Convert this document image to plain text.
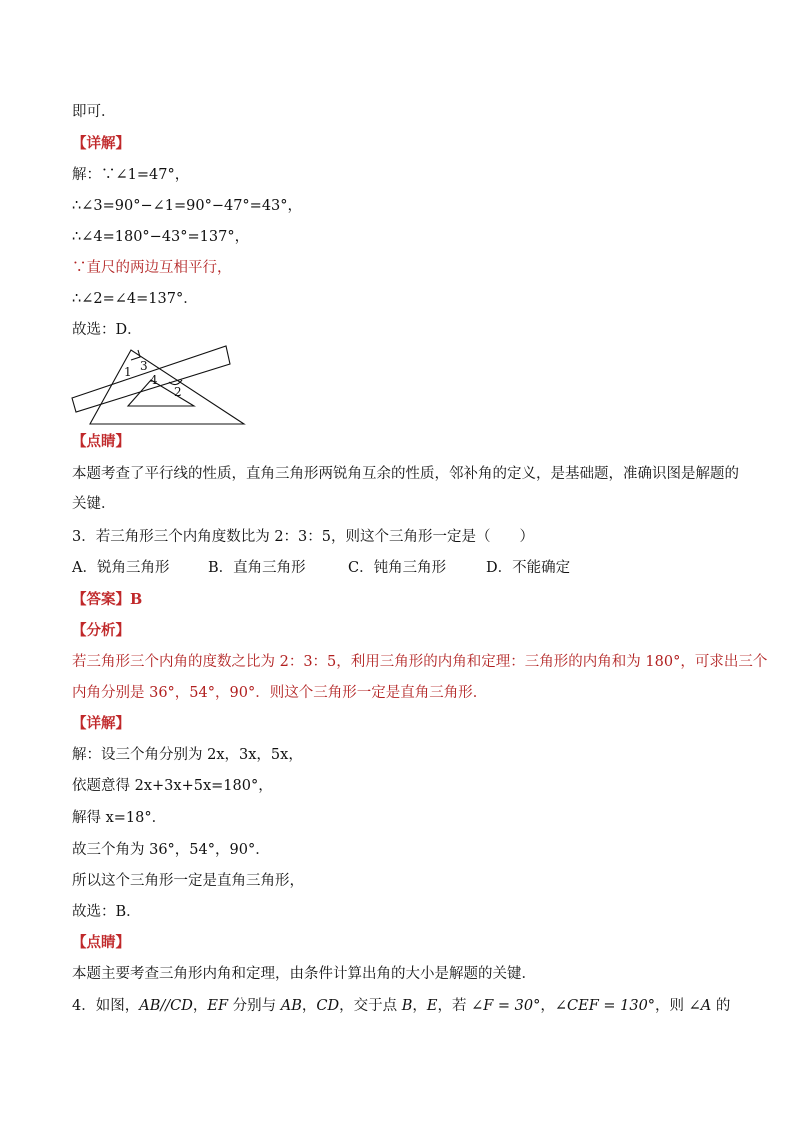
即可．
【详解】
解：∵∠1=47°，
∴∠3=90°−∠1=90°−47°=43°，
∴∠4=180°−43°=137°，
∵直尺的两边互相平行，
∴∠2=∠4=137°．
故选：D．
1 3
4
2
【点睛】
本题考查了平行线的性质，直角三角形两锐角互余的性质，邻补角的定义，是基础题，准确识图是解题的
关键．
3．若三角形三个内角度数比为 2：3：5，则这个三角形一定是（　　）
A．锐角三角形	B．直角三角形	C．钝角三角形	D．不能确定
【答案】B
【分析】
若三角形三个内角的度数之比为 2：3：5，利用三角形的内角和定理：三角形的内角和为 180°，可求出三个
内角分别是 36°，54°，90°．则这个三角形一定是直角三角形．
【详解】
解：设三个角分别为 2x，3x，5x，
依题意得 2x+3x+5x=180°，
解得 x=18°．
故三个角为 36°，54°，90°．
所以这个三角形一定是直角三角形，
故选：B．
【点睛】
本题主要考查三角形内角和定理，由条件计算出角的大小是解题的关键．
4．如图，AB//CD，EF 分别与 AB，CD，交于点 B，E，若 ∠F = 30°，∠CEF = 130°，则 ∠A 的
